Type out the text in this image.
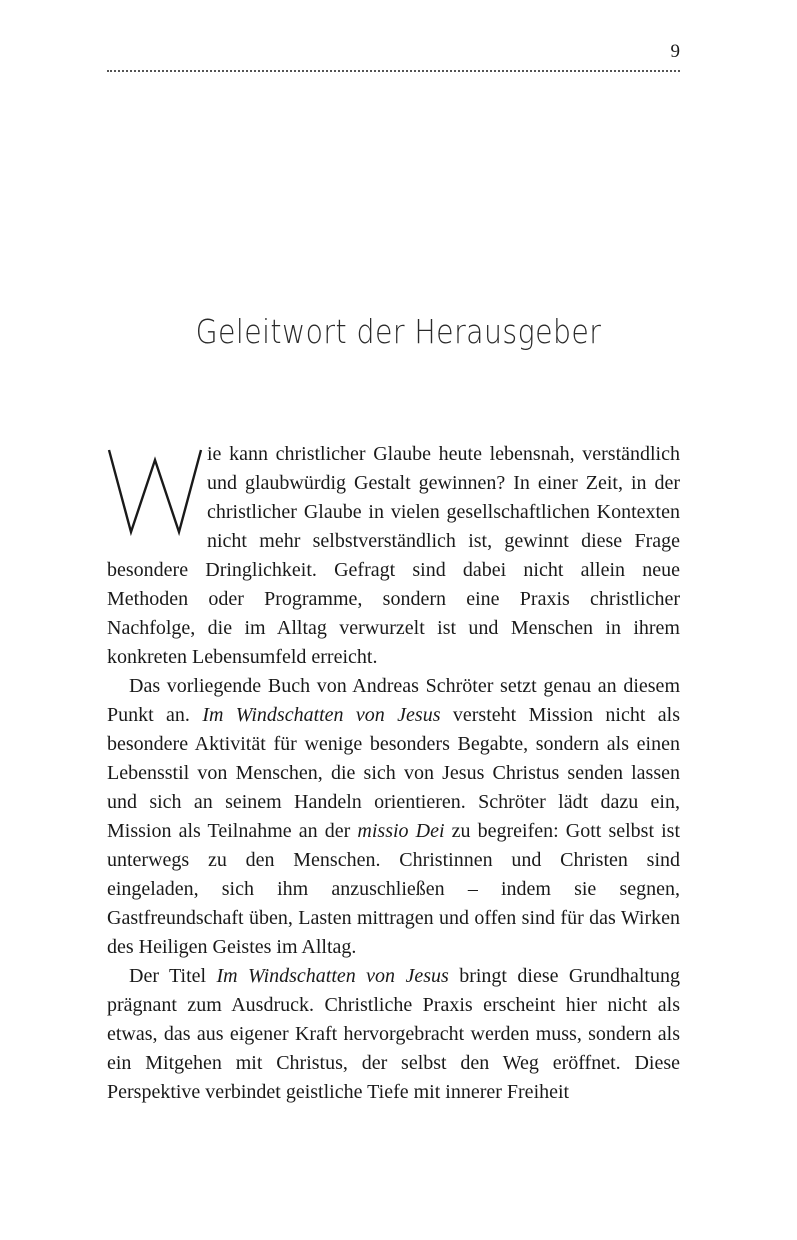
9
Geleitwort der Herausgeber

ie kann christlicher Glaube heute lebensnah, verständlich und glaubwürdig Gestalt gewinnen? In einer Zeit, in der christlicher Glaube in vielen gesellschaftlichen Kontexten nicht mehr selbstverständlich ist, gewinnt diese Frage besondere Dringlichkeit. Gefragt sind dabei nicht allein neue Methoden oder Programme, sondern eine Praxis christlicher Nachfolge, die im Alltag verwurzelt ist und Menschen in ihrem konkreten Lebensumfeld erreicht.

Das vorliegende Buch von Andreas Schröter setzt genau an diesem Punkt an. Im Windschatten von Jesus versteht Mission nicht als besondere Aktivität für wenige besonders Begabte, sondern als einen Lebensstil von Menschen, die sich von Jesus Christus senden lassen und sich an seinem Handeln orientieren. Schröter lädt dazu ein, Mission als Teilnahme an der missio Dei zu begreifen: Gott selbst ist unterwegs zu den Menschen. Christinnen und Christen sind eingeladen, sich ihm anzuschließen – indem sie segnen, Gastfreundschaft üben, Lasten mittragen und offen sind für das Wirken des Heiligen Geistes im Alltag.

Der Titel Im Windschatten von Jesus bringt diese Grundhaltung prägnant zum Ausdruck. Christliche Praxis erscheint hier nicht als etwas, das aus eigener Kraft hervorgebracht werden muss, sondern als ein Mitgehen mit Christus, der selbst den Weg eröffnet. Diese Perspektive verbindet geistliche Tiefe mit innerer Freiheit
